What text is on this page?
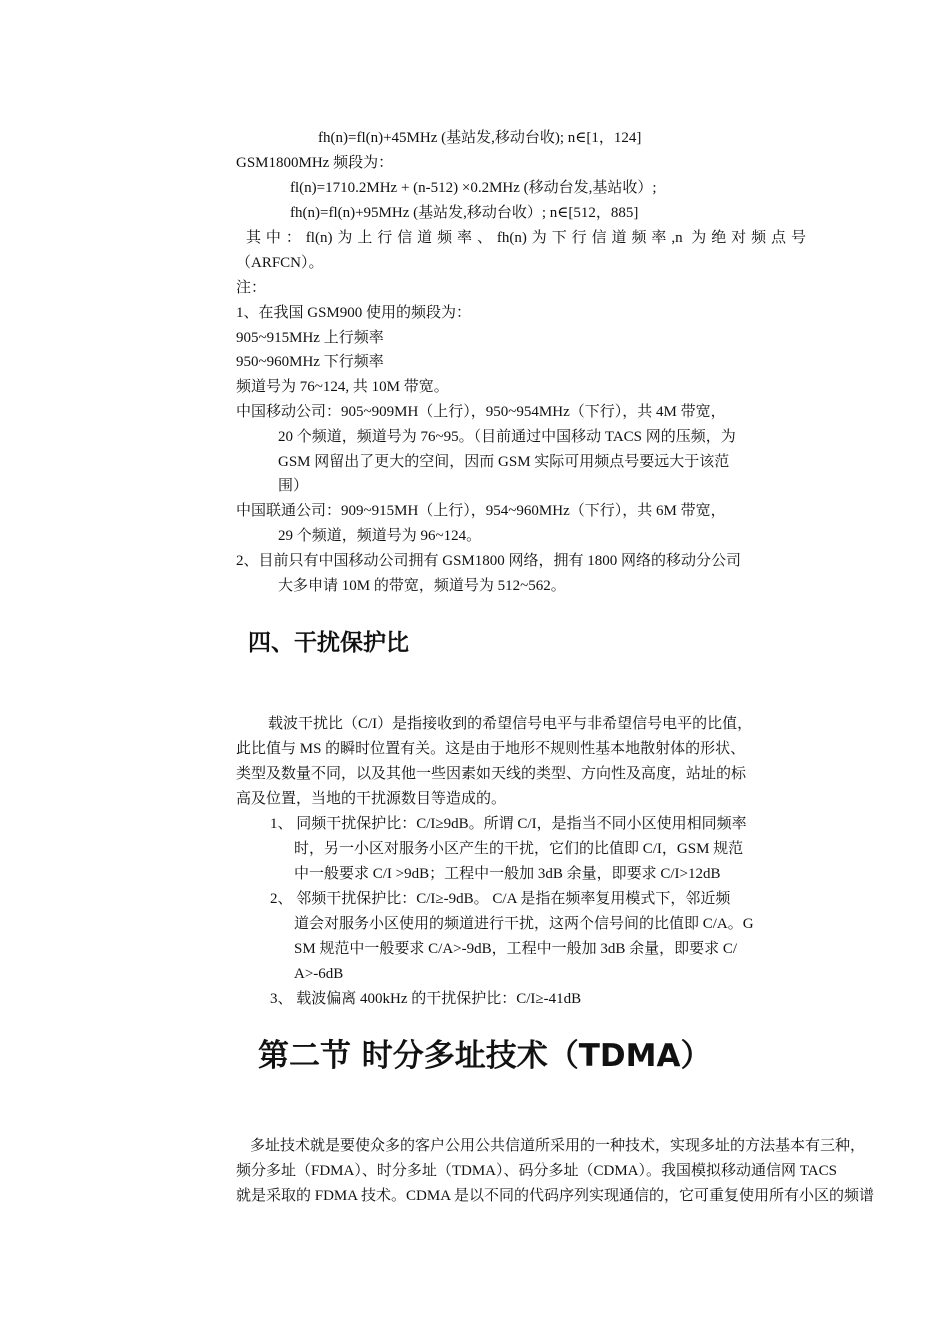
fh(n)=fl(n)+45MHz (基站发,移动台收); n∈[1，124]
GSM1800MHz 频段为：
fl(n)=1710.2MHz + (n-512) ×0.2MHz (移动台发,基站收）;
fh(n)=fl(n)+95MHz (基站发,移动台收）; n∈[512，885]
其中：fl(n)为上行信道频率、fh(n)为下行信道频率,n 为绝对频点号
（ARFCN）。
注：
1、在我国 GSM900 使用的频段为：
905~915MHz 上行频率
950~960MHz 下行频率
频道号为 76~124, 共 10M 带宽。
中国移动公司：905~909MH（上行），950~954MHz（下行），共 4M 带宽，
20 个频道，频道号为 76~95。（目前通过中国移动 TACS 网的压频，为
GSM 网留出了更大的空间，因而 GSM 实际可用频点号要远大于该范
围）
中国联通公司：909~915MH（上行），954~960MHz（下行），共 6M 带宽，
29 个频道，频道号为 96~124。
2、目前只有中国移动公司拥有 GSM1800 网络，拥有 1800 网络的移动分公司
大多申请 10M 的带宽，频道号为 512~562。
四、干扰保护比
载波干扰比（C/I）是指接收到的希望信号电平与非希望信号电平的比值，
此比值与 MS 的瞬时位置有关。这是由于地形不规则性基本地散射体的形状、
类型及数量不同，以及其他一些因素如天线的类型、方向性及高度，站址的标
高及位置，当地的干扰源数目等造成的。
1、 同频干扰保护比：C/I≥9dB。所谓 C/I，是指当不同小区使用相同频率
时，另一小区对服务小区产生的干扰，它们的比值即 C/I，GSM 规范
中一般要求 C/I >9dB；工程中一般加 3dB 余量，即要求 C/I>12dB
2、 邻频干扰保护比：C/I≥-9dB。 C/A 是指在频率复用模式下，邻近频
道会对服务小区使用的频道进行干扰，这两个信号间的比值即 C/A。G
SM 规范中一般要求 C/A>-9dB，工程中一般加 3dB 余量，即要求 C/
A>-6dB
3、 载波偏离 400kHz 的干扰保护比：C/I≥-41dB
第二节 时分多址技术（TDMA）
多址技术就是要使众多的客户公用公共信道所采用的一种技术，实现多址的方法基本有三种，
频分多址（FDMA）、时分多址（TDMA）、码分多址（CDMA）。我国模拟移动通信网 TACS
就是采取的 FDMA 技术。CDMA 是以不同的代码序列实现通信的，它可重复使用所有小区的频谱
